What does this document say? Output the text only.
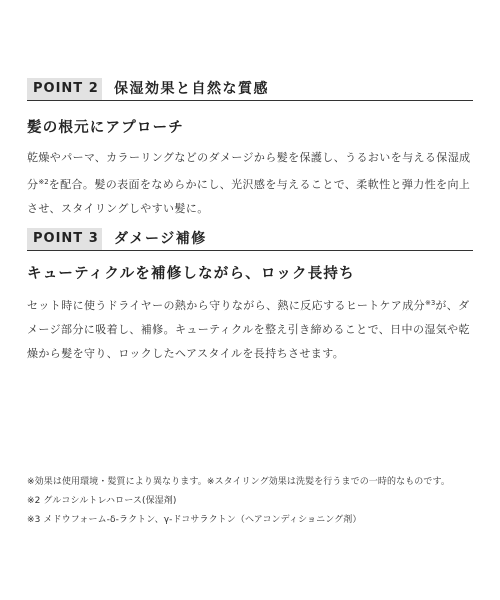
POINT 2	保湿効果と自然な質感
髪の根元にアプローチ
乾燥やパーマ、カラーリングなどのダメージから髪を保護し、うるおいを与える保湿成分$^{※2}$を配合。髪の表面をなめらかにし、光沢感を与えることで、柔軟性と弾力性を向上させ、スタイリングしやすい髪に。
POINT 3	ダメージ補修
キューティクルを補修しながら、ロック長持ち
セット時に使うドライヤーの熱から守りながら、熱に反応するヒートケア成分$^{※3}$が、ダメージ部分に吸着し、補修。キューティクルを整え引き締めることで、日中の湿気や乾燥から髪を守り、ロックしたヘアスタイルを長持ちさせます。
※効果は使用環境・髪質により異なります。※スタイリング効果は洗髪を行うまでの一時的なものです。
※2 グルコシルトレハロース(保湿剤)
※3 メドウフォーム-δ-ラクトン、γ-ドコサラクトン（ヘアコンディショニング剤）
